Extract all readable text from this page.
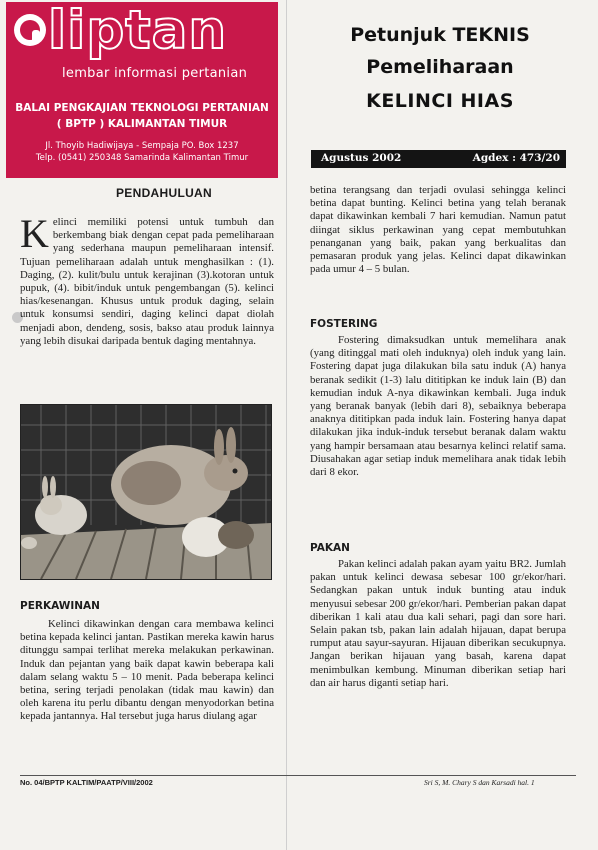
liptan
lembar informasi pertanian
BALAI PENGKAJIAN TEKNOLOGI PERTANIAN
( BPTP ) KALIMANTAN TIMUR
Jl. Thoyib Hadiwijaya - Sempaja PO. Box 1237
Telp. (0541) 250348 Samarinda Kalimantan Timur
Petunjuk TEKNIS
Pemeliharaan
KELINCI HIAS
Agustus 2002	Agdex : 473/20
PENDAHULUAN
K elinci memiliki potensi untuk tumbuh dan berkembang biak dengan cepat pada pemeliharaan yang sederhana maupun pemeliharaan intensif. Tujuan pemeliharaan adalah untuk menghasilkan : (1). Daging, (2). kulit/bulu untuk kerajinan (3).kotoran untuk pupuk, (4). bibit/induk untuk pengembangan (5). kelinci hias/kesenangan. Khusus untuk produk daging, selain untuk konsumsi sendiri, daging kelinci dapat diolah menjadi abon, dendeng, sosis, bakso atau produk lainnya yang lebih disukai daripada bentuk daging mentahnya.
PERKAWINAN

Kelinci dikawinkan dengan cara membawa kelinci betina kepada kelinci jantan. Pastikan mereka kawin harus ditunggu sampai terlihat mereka melakukan perkawinan. Induk dan pejantan yang baik dapat kawin beberapa kali dalam selang waktu 5 – 10 menit. Pada beberapa kelinci betina, sering terjadi penolakan (tidak mau kawin) dan oleh karena itu perlu dibantu dengan menyodorkan betina kepada jantannya. Hal tersebut juga harus diulang agar

betina terangsang dan terjadi ovulasi sehingga kelinci betina dapat bunting. Kelinci betina yang telah beranak dapat dikawinkan kembali 7 hari kemudian. Namun patut diingat siklus perkawinan yang cepat membutuhkan penanganan yang baik, pakan yang berkualitas dan pemasaran produk yang jelas. Kelinci dapat dikawinkan pada umur 4 – 5 bulan.

FOSTERING

Fostering dimaksudkan untuk memelihara anak (yang ditinggal mati oleh induknya) oleh induk yang lain. Fostering dapat juga dilakukan bila satu induk (A) hanya beranak sedikit (1-3) lalu dititipkan ke induk lain (B) dan kemudian induk A-nya dikawinkan kembali. Juga induk yang beranak banyak (lebih dari 8), sebaiknya beberapa anaknya dititipkan pada induk lain. Fostering hanya dapat dilakukan jika induk-induk tersebut beranak dalam waktu yang hampir bersamaan atau besarnya kelinci relatif sama. Diusahakan agar setiap induk memelihara anak tidak lebih dari 8 ekor.

PAKAN

Pakan kelinci adalah pakan ayam yaitu BR2. Jumlah pakan untuk kelinci dewasa sebesar 100 gr/ekor/hari. Sedangkan pakan untuk induk bunting atau induk menyusui sebesar 200 gr/ekor/hari. Pemberian pakan dapat diberikan 1 kali atau dua kali sehari, pagi dan sore hari. Selain pakan tsb, pakan lain adalah hijauan, dapat berupa rumput atau sayur-sayuran. Hijauan diberikan secukupnya. Jangan berikan hijauan yang basah, karena dapat menimbulkan kembung. Minuman diberikan setiap hari dan air harus diganti setiap hari.

No. 04/BPTP KALTIM/PAATP/VIII/2002	Sri S, M. Chary S dan Karsadi hal. 1
